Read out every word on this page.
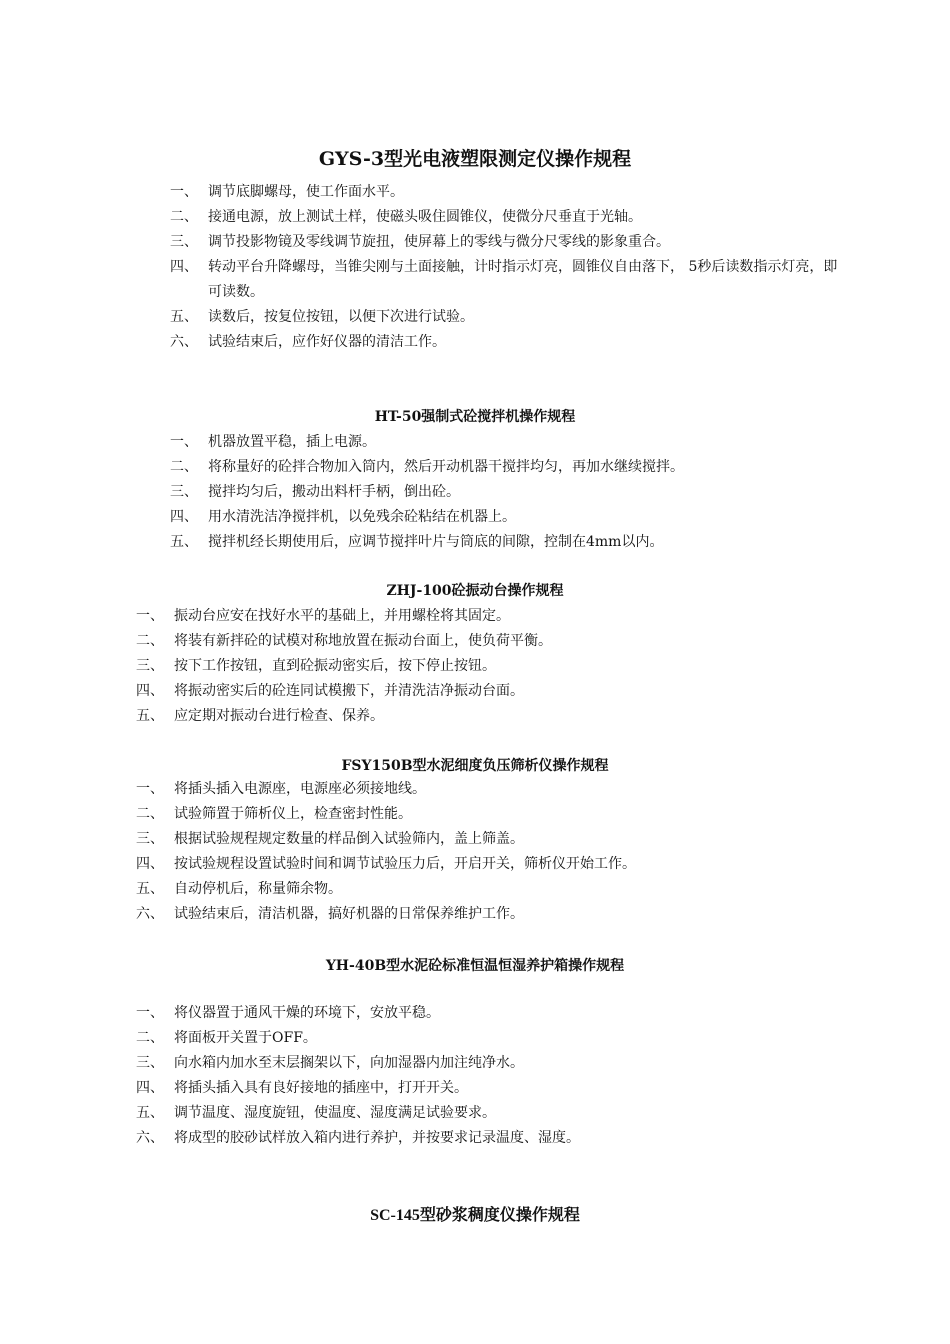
GYS-3型光电液塑限测定仪操作规程
一、 调节底脚螺母，使工作面水平。
二、 接通电源，放上测试土样，使磁头吸住圆锥仪，使微分尺垂直于光轴。
三、 调节投影物镜及零线调节旋扭，使屏幕上的零线与微分尺零线的影象重合。
四、 转动平台升降螺母，当锥尖刚与土面接触，计时指示灯亮，圆锥仪自由落下， 5秒后读数指示灯亮，即可读数。
五、 读数后，按复位按钮，以便下次进行试验。
六、 试验结束后，应作好仪器的清洁工作。
HT-50强制式砼搅拌机操作规程
一、 机器放置平稳，插上电源。
二、 将称量好的砼拌合物加入筒内，然后开动机器干搅拌均匀，再加水继续搅拌。
三、 搅拌均匀后，搬动出料杆手柄，倒出砼。
四、 用水清洗洁净搅拌机，以免残余砼粘结在机器上。
五、 搅拌机经长期使用后，应调节搅拌叶片与筒底的间隙，控制在4mm以内。
ZHJ-100砼振动台操作规程
一、 振动台应安在找好水平的基础上，并用螺栓将其固定。
二、 将装有新拌砼的试模对称地放置在振动台面上，使负荷平衡。
三、 按下工作按钮，直到砼振动密实后，按下停止按钮。
四、 将振动密实后的砼连同试模搬下，并清洗洁净振动台面。
五、 应定期对振动台进行检查、保养。
FSY150B型水泥细度负压筛析仪操作规程
一、 将插头插入电源座，电源座必须接地线。
二、 试验筛置于筛析仪上，检查密封性能。
三、 根据试验规程规定数量的样品倒入试验筛内，盖上筛盖。
四、 按试验规程设置试验时间和调节试验压力后，开启开关，筛析仪开始工作。
五、 自动停机后，称量筛余物。
六、 试验结束后，清洁机器，搞好机器的日常保养维护工作。
YH-40B型水泥砼标准恒温恒湿养护箱操作规程
一、 将仪器置于通风干燥的环境下，安放平稳。
二、 将面板开关置于OFF。
三、 向水箱内加水至末层搁架以下，向加湿器内加注纯净水。
四、 将插头插入具有良好接地的插座中，打开开关。
五、 调节温度、湿度旋钮，使温度、湿度满足试验要求。
六、 将成型的胶砂试样放入箱内进行养护，并按要求记录温度、湿度。
SC-145型砂浆稠度仪操作规程
